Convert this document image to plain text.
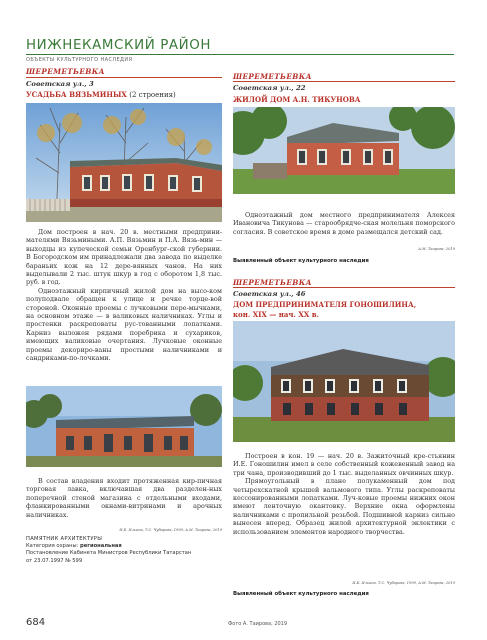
НИЖНЕКАМСКИЙ РАЙОН
ОБЪЕКТЫ КУЛЬТУРНОГО НАСЛЕДИЯ
ШЕРЕМЕТЬЕВКА
Советская ул., 3
УСАДЬБА ВЯЗЬМИНЫХ (2 строения)

Дом построен в нач. 20 в. местными предприни-мателями Вязьмиными. А.П. Вязьмин и П.А. Вязь-мин — выходцы из купеческой семьи Оренбург-ской губернии. В Богородском им принадлежали два завода по выделке бараньих кож на 12 дере-вянных чанов. На них выделывали 2 тыс. штук шкур в год с оборотом 1,8 тыс. руб. в год.

Одноэтажный кирпичный жилой дом на высо-ком полуподвале обращен к улице и речке торце-вой стороной. Оконные проемы с лучковыми пере-мычками, на основном этаже — в валиковых наличниках. Углы и простенки раскреповаты рус-тованными лопатками. Карниз выложен рядами поребрика и сухариков, имеющих валиковые очертания. Лучковые оконные проемы декориро-ваны простыми наличниками и сандриками-по-лочками.

В состав владения входит протяженная кир-пичная торговая лавка, включавшая два разделен-ных поперечной стеной магазина с отдельными входами, фланкированными окнами-витринами и арочных наличниках.

И.Б. Ильина, Т.С. Чубарова, 1999, А.М. Таирова, 2019
ПАМЯТНИК АРХИТЕКТУРЫ
Категория охраны: региональная
Постановление Кабинета Министров Республики Татарстан
от 23.07.1997 № 599
ШЕРЕМЕТЬЕВКА
Советская ул., 22
ЖИЛОЙ ДОМ А.Н. ТИКУНОВА

Одноэтажный дом местного предпринимателя Алексея Ивановича Тикунова — старообрядче-ская молельня поморского согласия. В советское время в доме размещался детский сад.

А.М. Таирова, 2019
Выявленный объект культурного наследия
ШЕРЕМЕТЬЕВКА
Советская ул., 46
ДОМ ПРЕДПРИНИМАТЕЛЯ ГОНОШИЛИНА,
кон. XIX — нач. XX в.

Построен в кон. 19 — нач. 20 в. Зажиточный кре-стьянин И.Е. Гоношилин имел в селе собственный кожевенный завод на три чана, производивший до 1 тыс. выделанных овчинных шкур.

Прямоугольный в плане полукаменный дом под четырехскатной крышей вальмового типа. Углы раскреповаты кессонированными лопатками. Луч-ковые проемы нижних окон имеют ленточную окантовку. Верхние окна оформлены наличниками с пропильной резьбой. Подшивной карниз сильно вынесен вперед. Образец жилой архитектурной эклектики с использованием элементов народного творчества.

И.Б. Ильина, Т.С. Чубарова, 1999, А.М. Таирова, 2019
Выявленный объект культурного наследия
684	Фото А. Таирова, 2019
